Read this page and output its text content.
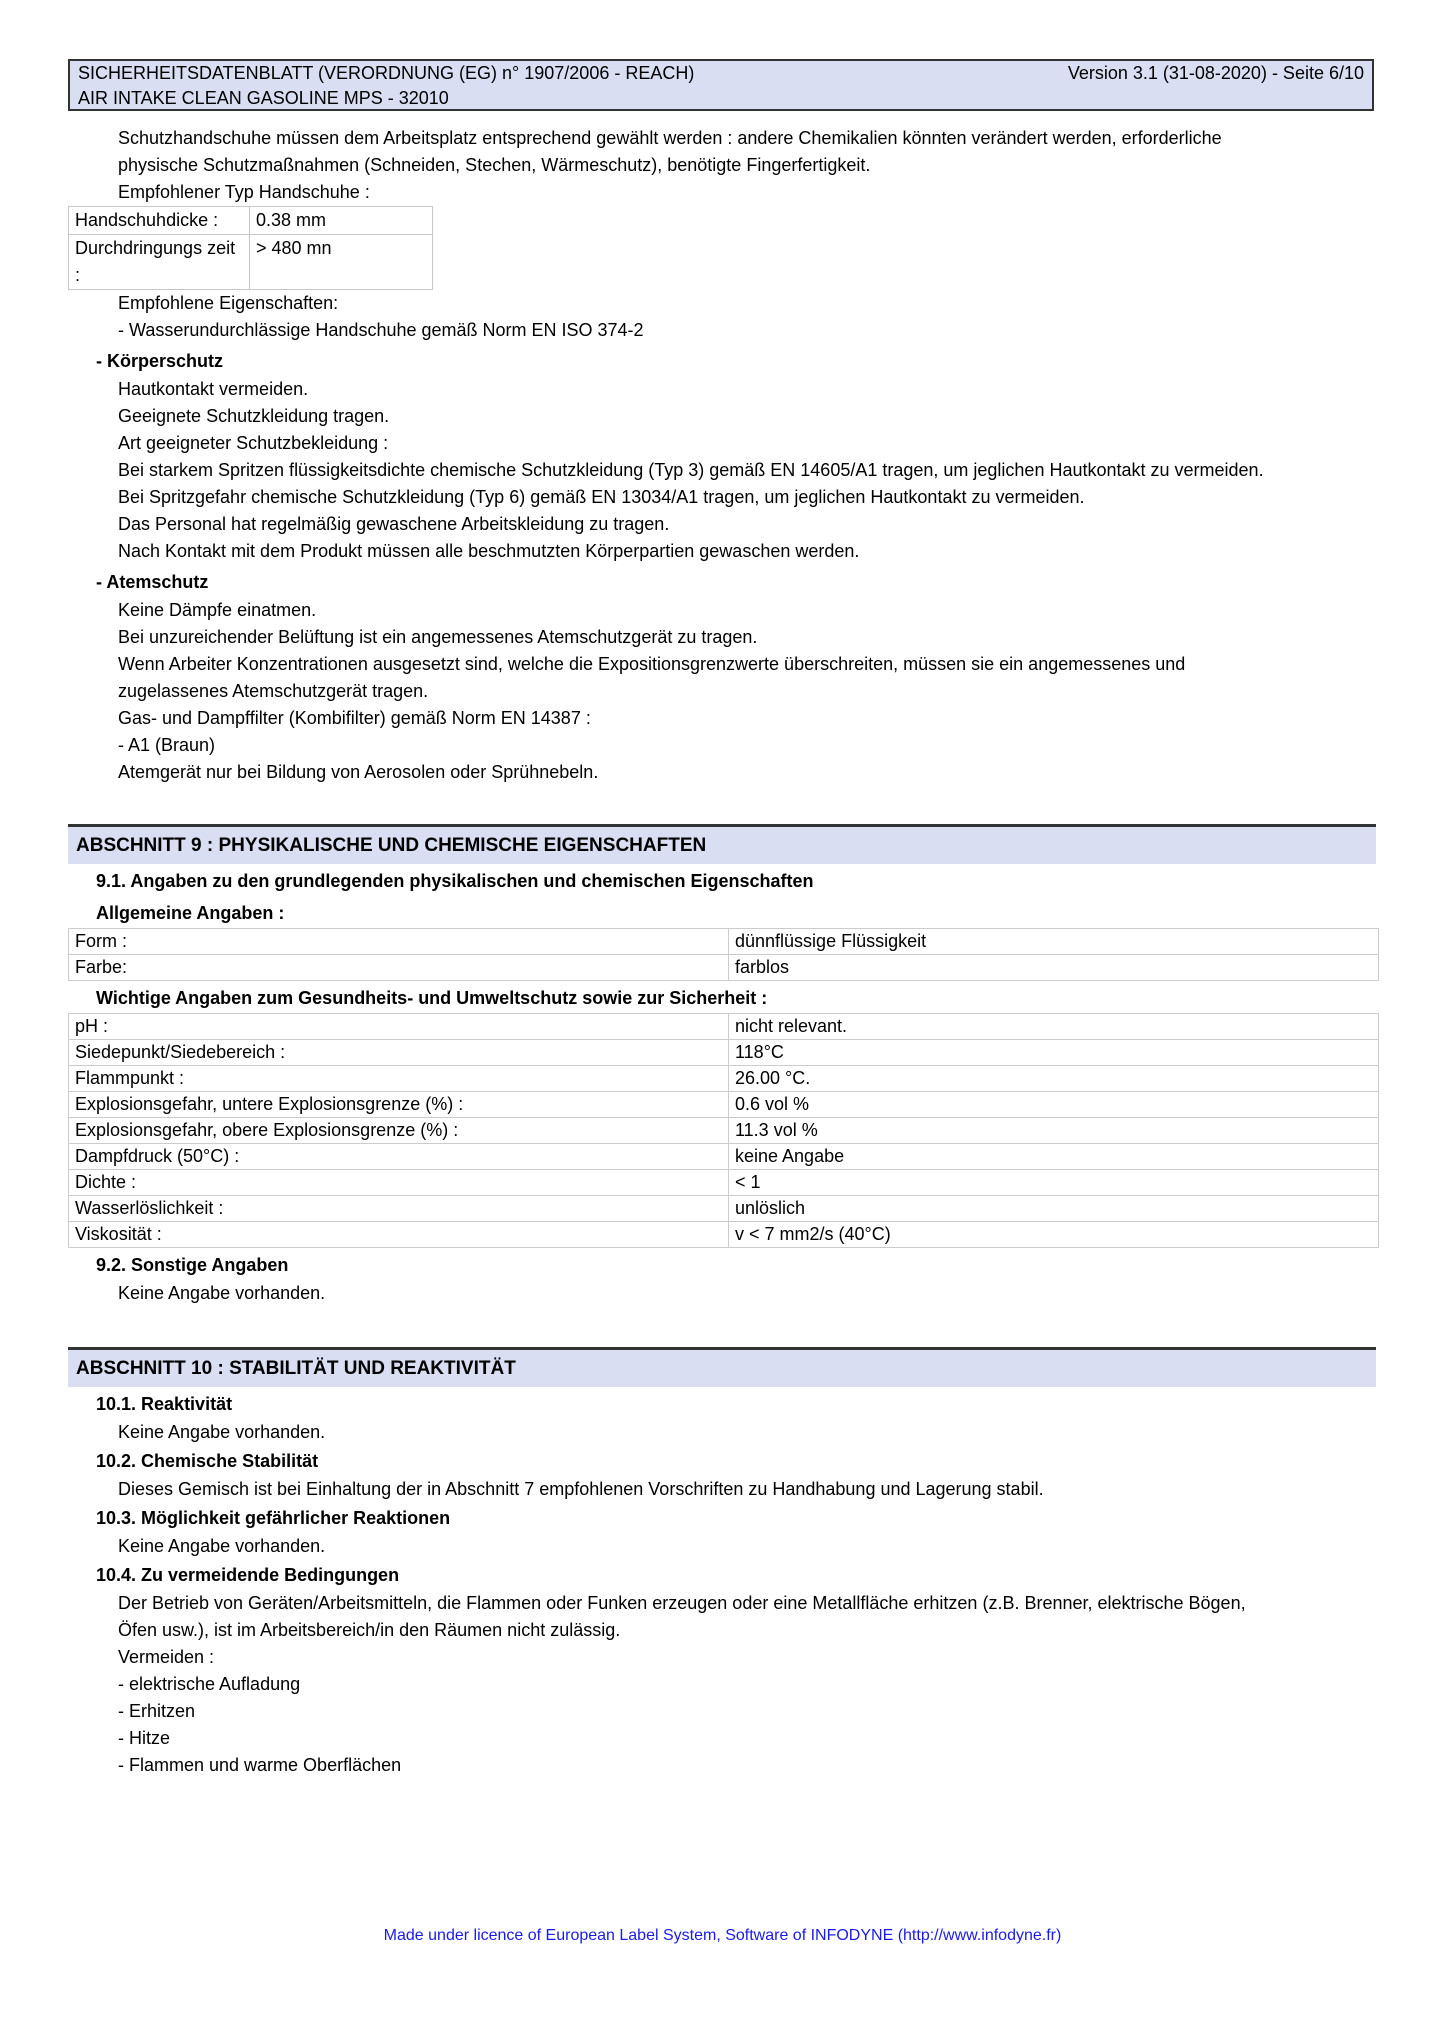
SICHERHEITSDATENBLATT (VERORDNUNG (EG) n° 1907/2006 - REACH)	Version 3.1 (31-08-2020) - Seite 6/10
AIR INTAKE CLEAN GASOLINE MPS - 32010

Schutzhandschuhe müssen dem Arbeitsplatz entsprechend gewählt werden : andere Chemikalien könnten verändert werden, erforderliche

physische Schutzmaßnahmen (Schneiden, Stechen, Wärmeschutz), benötigte Fingerfertigkeit.

Empfohlener Typ Handschuhe :

Handschuhdicke :	0.38 mm
Durchdringungs zeit :	> 480 mn

Empfohlene Eigenschaften:

- Wasserundurchlässige Handschuhe gemäß Norm EN ISO 374-2

- Körperschutz

Hautkontakt vermeiden.

Geeignete Schutzkleidung tragen.

Art geeigneter Schutzbekleidung :

Bei starkem Spritzen flüssigkeitsdichte chemische Schutzkleidung (Typ 3) gemäß EN 14605/A1 tragen, um jeglichen Hautkontakt zu vermeiden.

Bei Spritzgefahr chemische Schutzkleidung (Typ 6) gemäß EN 13034/A1 tragen, um jeglichen Hautkontakt zu vermeiden.

Das Personal hat regelmäßig gewaschene Arbeitskleidung zu tragen.

Nach Kontakt mit dem Produkt müssen alle beschmutzten Körperpartien gewaschen werden.

- Atemschutz

Keine Dämpfe einatmen.

Bei unzureichender Belüftung ist ein angemessenes Atemschutzgerät zu tragen.

Wenn Arbeiter Konzentrationen ausgesetzt sind, welche die Expositionsgrenzwerte überschreiten, müssen sie ein angemessenes und

zugelassenes Atemschutzgerät tragen.

Gas- und Dampffilter (Kombifilter) gemäß Norm EN 14387 :

- A1 (Braun)

Atemgerät nur bei Bildung von Aerosolen oder Sprühnebeln.

ABSCHNITT 9 : PHYSIKALISCHE UND CHEMISCHE EIGENSCHAFTEN

9.1. Angaben zu den grundlegenden physikalischen und chemischen Eigenschaften

Allgemeine Angaben :

Form :	dünnflüssige Flüssigkeit
Farbe:	farblos

Wichtige Angaben zum Gesundheits- und Umweltschutz sowie zur Sicherheit :

pH :	nicht relevant.
Siedepunkt/Siedebereich :	118°C
Flammpunkt :	26.00 °C.
Explosionsgefahr, untere Explosionsgrenze (%) :	0.6 vol %
Explosionsgefahr, obere Explosionsgrenze (%) :	11.3 vol %
Dampfdruck (50°C) :	keine Angabe
Dichte :	< 1
Wasserlöslichkeit :	unlöslich
Viskosität :	v < 7 mm2/s (40°C)

9.2. Sonstige Angaben

Keine Angabe vorhanden.

ABSCHNITT 10 : STABILITÄT UND REAKTIVITÄT

10.1. Reaktivität

Keine Angabe vorhanden.

10.2. Chemische Stabilität

Dieses Gemisch ist bei Einhaltung der in Abschnitt 7 empfohlenen Vorschriften zu Handhabung und Lagerung stabil.

10.3. Möglichkeit gefährlicher Reaktionen

Keine Angabe vorhanden.

10.4. Zu vermeidende Bedingungen

Der Betrieb von Geräten/Arbeitsmitteln, die Flammen oder Funken erzeugen oder eine Metallfläche erhitzen (z.B. Brenner, elektrische Bögen,

Öfen usw.), ist im Arbeitsbereich/in den Räumen nicht zulässig.

Vermeiden :

- elektrische Aufladung

- Erhitzen

- Hitze

- Flammen und warme Oberflächen

Made under licence of European Label System, Software of INFODYNE (http://www.infodyne.fr)
